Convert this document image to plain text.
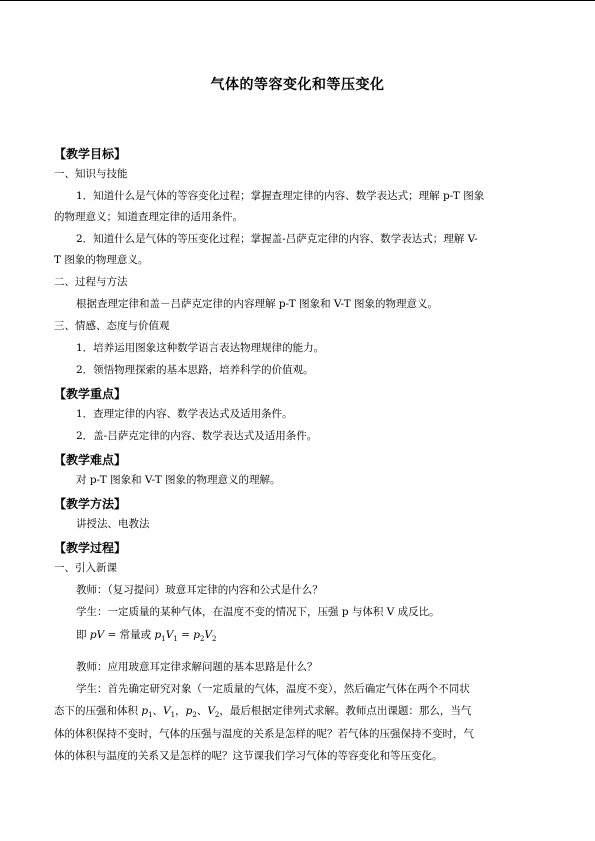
气体的等容变化和等压变化
【教学目标】
一、知识与技能
1．知道什么是气体的等容变化过程；掌握查理定律的内容、数学表达式；理解 p-T 图象
的物理意义；知道查理定律的适用条件。
2．知道什么是气体的等压变化过程；掌握盖-吕萨克定律的内容、数学表达式；理解 V-
T 图象的物理意义。
二、过程与方法
根据查理定律和盖－吕萨克定律的内容理解 p-T 图象和 V-T 图象的物理意义。
三、情感、态度与价值观
1．培养运用图象这种数学语言表达物理规律的能力。
2．领悟物理探索的基本思路，培养科学的价值观。
【教学重点】
1．查理定律的内容、数学表达式及适用条件。
2．盖-吕萨克定律的内容、数学表达式及适用条件。
【教学难点】
对 p-T 图象和 V-T 图象的物理意义的理解。
【教学方法】
讲授法、电教法
【教学过程】
一、引入新课
教师：（复习提问）玻意耳定律的内容和公式是什么？
学生：一定质量的某种气体，在温度不变的情况下，压强 p 与体积 V 成反比。
即 pV = 常量或 $p_1V_1 = p_2V_2$
教师：应用玻意耳定律求解问题的基本思路是什么？
学生：首先确定研究对象（一定质量的气体，温度不变），然后确定气体在两个不同状
态下的压强和体积 $p_1$、$V_1$，$p_2$、$V_2$，最后根据定律列式求解。教师点出课题：那么，当气
体的体积保持不变时，气体的压强与温度的关系是怎样的呢？若气体的压强保持不变时，气
体的体积与温度的关系又是怎样的呢？这节课我们学习气体的等容变化和等压变化。
